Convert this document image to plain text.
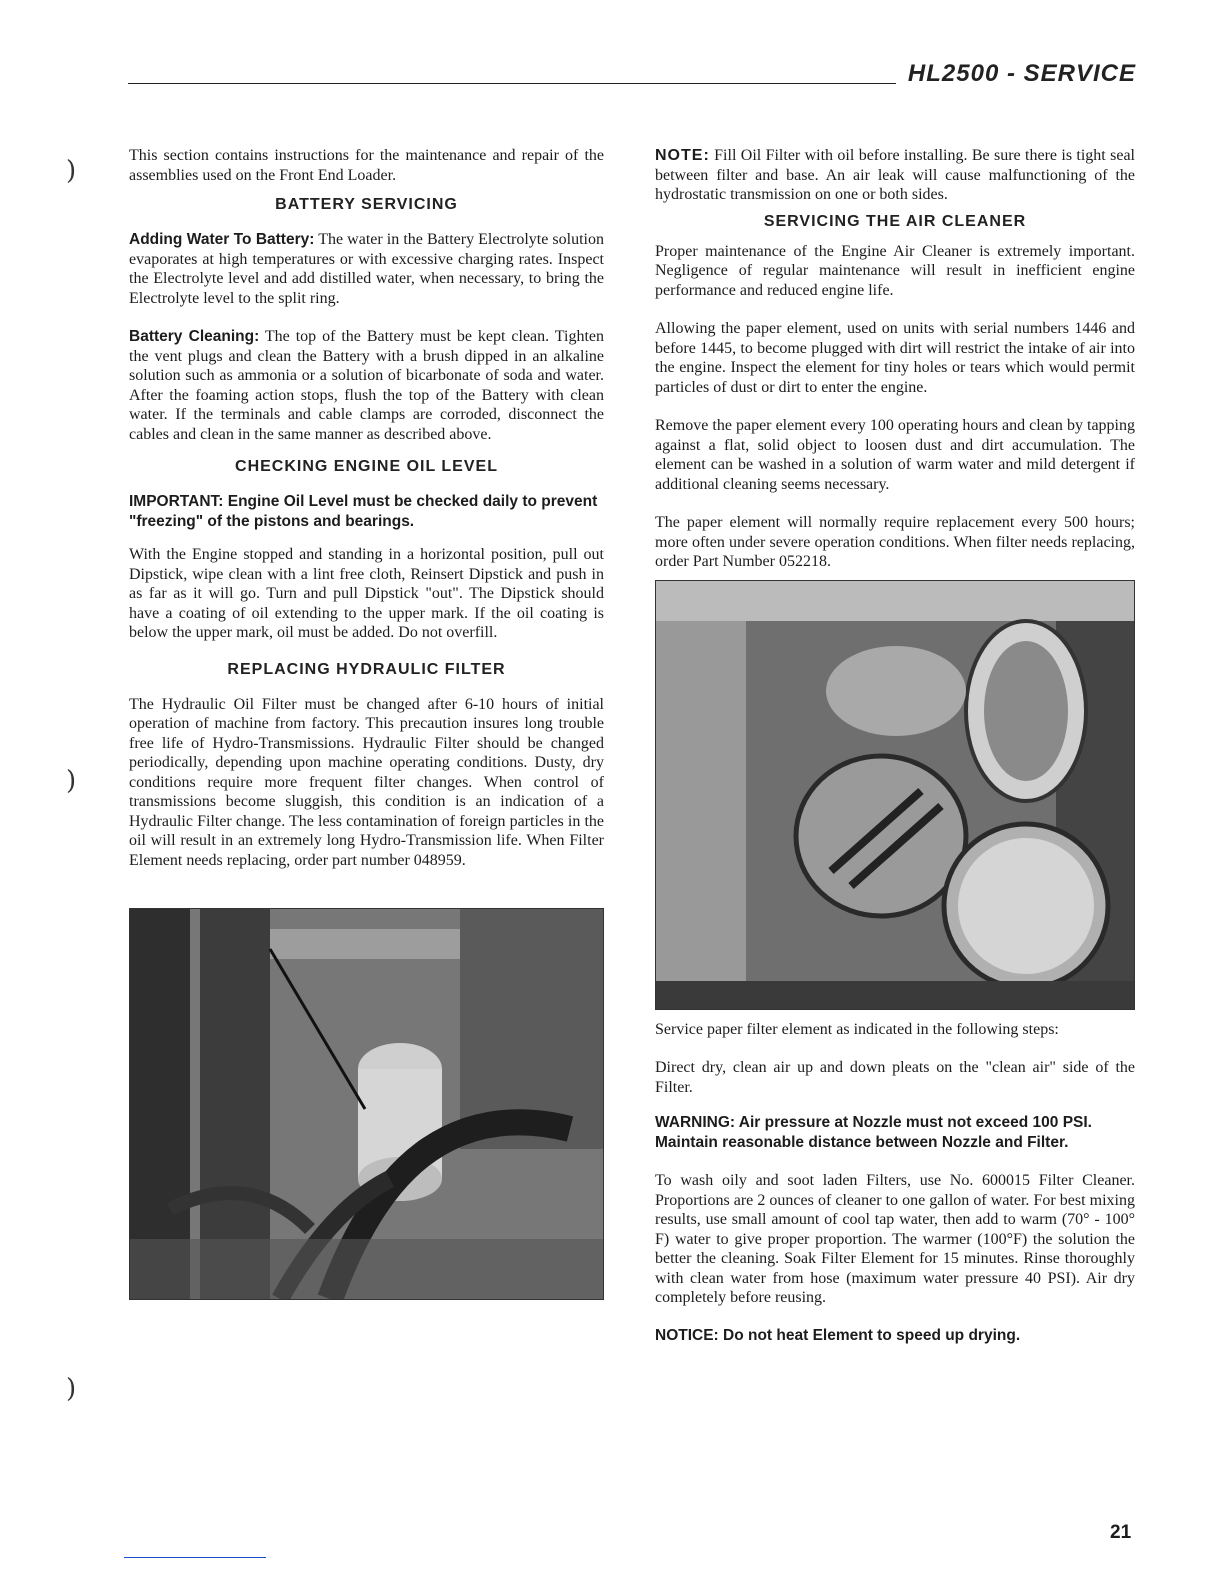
HL2500 - SERVICE
)
)
)

This section contains instructions for the maintenance and repair of the assemblies used on the Front End Loader.

BATTERY SERVICING

Adding Water To Battery: The water in the Battery Electrolyte solution evaporates at high temperatures or with excessive charging rates. Inspect the Electrolyte level and add distilled water, when necessary, to bring the Electrolyte level to the split ring.

Battery Cleaning: The top of the Battery must be kept clean. Tighten the vent plugs and clean the Battery with a brush dipped in an alkaline solution such as ammonia or a solution of bicarbonate of soda and water. After the foaming action stops, flush the top of the Battery with clean water. If the terminals and cable clamps are corroded, disconnect the cables and clean in the same manner as described above.

CHECKING ENGINE OIL LEVEL

IMPORTANT: Engine Oil Level must be checked daily to prevent "freezing" of the pistons and bearings.

With the Engine stopped and standing in a horizontal position, pull out Dipstick, wipe clean with a lint free cloth, Reinsert Dipstick and push in as far as it will go. Turn and pull Dipstick "out". The Dipstick should have a coating of oil extending to the upper mark. If the oil coating is below the upper mark, oil must be added. Do not overfill.

REPLACING HYDRAULIC FILTER

The Hydraulic Oil Filter must be changed after 6-10 hours of initial operation of machine from factory. This precaution insures long trouble free life of Hydro-Transmissions. Hydraulic Filter should be changed periodically, depending upon machine operating conditions. Dusty, dry conditions require more frequent filter changes. When control of transmissions become sluggish, this condition is an indication of a Hydraulic Filter change. The less contamination of foreign particles in the oil will result in an extremely long Hydro-Transmission life. When Filter Element needs replacing, order part number 048959.

NOTE: Fill Oil Filter with oil before installing. Be sure there is tight seal between filter and base. An air leak will cause malfunctioning of the hydrostatic transmission on one or both sides.

SERVICING THE AIR CLEANER

Proper maintenance of the Engine Air Cleaner is extremely important. Negligence of regular maintenance will result in inefficient engine performance and reduced engine life.

Allowing the paper element, used on units with serial numbers 1446 and before 1445, to become plugged with dirt will restrict the intake of air into the engine. Inspect the element for tiny holes or tears which would permit particles of dust or dirt to enter the engine.

Remove the paper element every 100 operating hours and clean by tapping against a flat, solid object to loosen dust and dirt accumulation. The element can be washed in a solution of warm water and mild detergent if additional cleaning seems necessary.

The paper element will normally require replacement every 500 hours; more often under severe operation conditions. When filter needs replacing, order Part Number 052218.

Service paper filter element as indicated in the following steps:

Direct dry, clean air up and down pleats on the "clean air" side of the Filter.

WARNING: Air pressure at Nozzle must not exceed 100 PSI. Maintain reasonable distance between Nozzle and Filter.

To wash oily and soot laden Filters, use No. 600015 Filter Cleaner. Proportions are 2 ounces of cleaner to one gallon of water. For best mixing results, use small amount of cool tap water, then add to warm (70° - 100° F) water to give proper proportion. The warmer (100°F) the solution the better the cleaning. Soak Filter Element for 15 minutes. Rinse thoroughly with clean water from hose (maximum water pressure 40 PSI). Air dry completely before reusing.

NOTICE: Do not heat Element to speed up drying.

21
